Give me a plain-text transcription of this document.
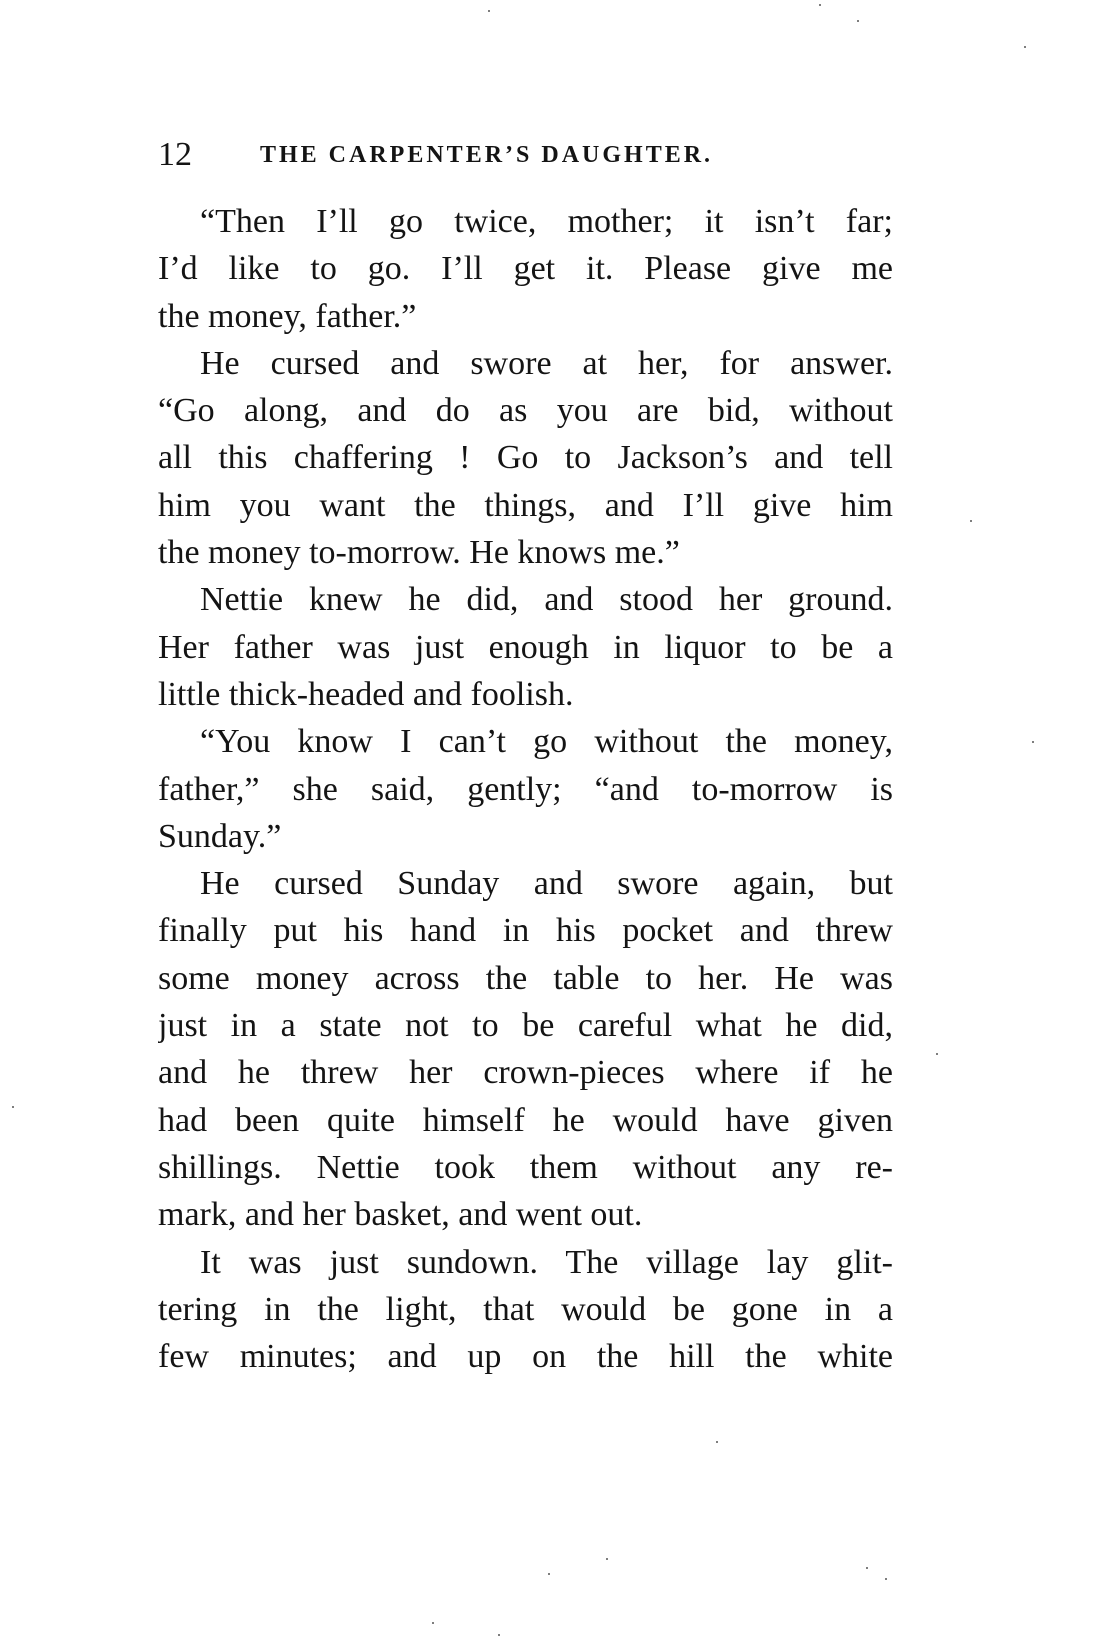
12	THE CARPENTER’S DAUGHTER.
“Then I’ll go twice, mother; it isn’t far;
I’d like to go. I’ll get it. Please give me
the money, father.”
He cursed and swore at her, for answer.
“Go along, and do as you are bid, without
all this chaffering ! Go to Jackson’s and tell
him you want the things, and I’ll give him
the money to-morrow. He knows me.”
Nettie knew he did, and stood her ground.
Her father was just enough in liquor to be a
little thick-headed and foolish.
“You know I can’t go without the money,
father,” she said, gently; “and to-morrow is
Sunday.”
He cursed Sunday and swore again, but
finally put his hand in his pocket and threw
some money across the table to her. He was
just in a state not to be careful what he did,
and he threw her crown-pieces where if he
had been quite himself he would have given
shillings. Nettie took them without any re-
mark, and her basket, and went out.
It was just sundown. The village lay glit-
tering in the light, that would be gone in a
few minutes; and up on the hill the white
